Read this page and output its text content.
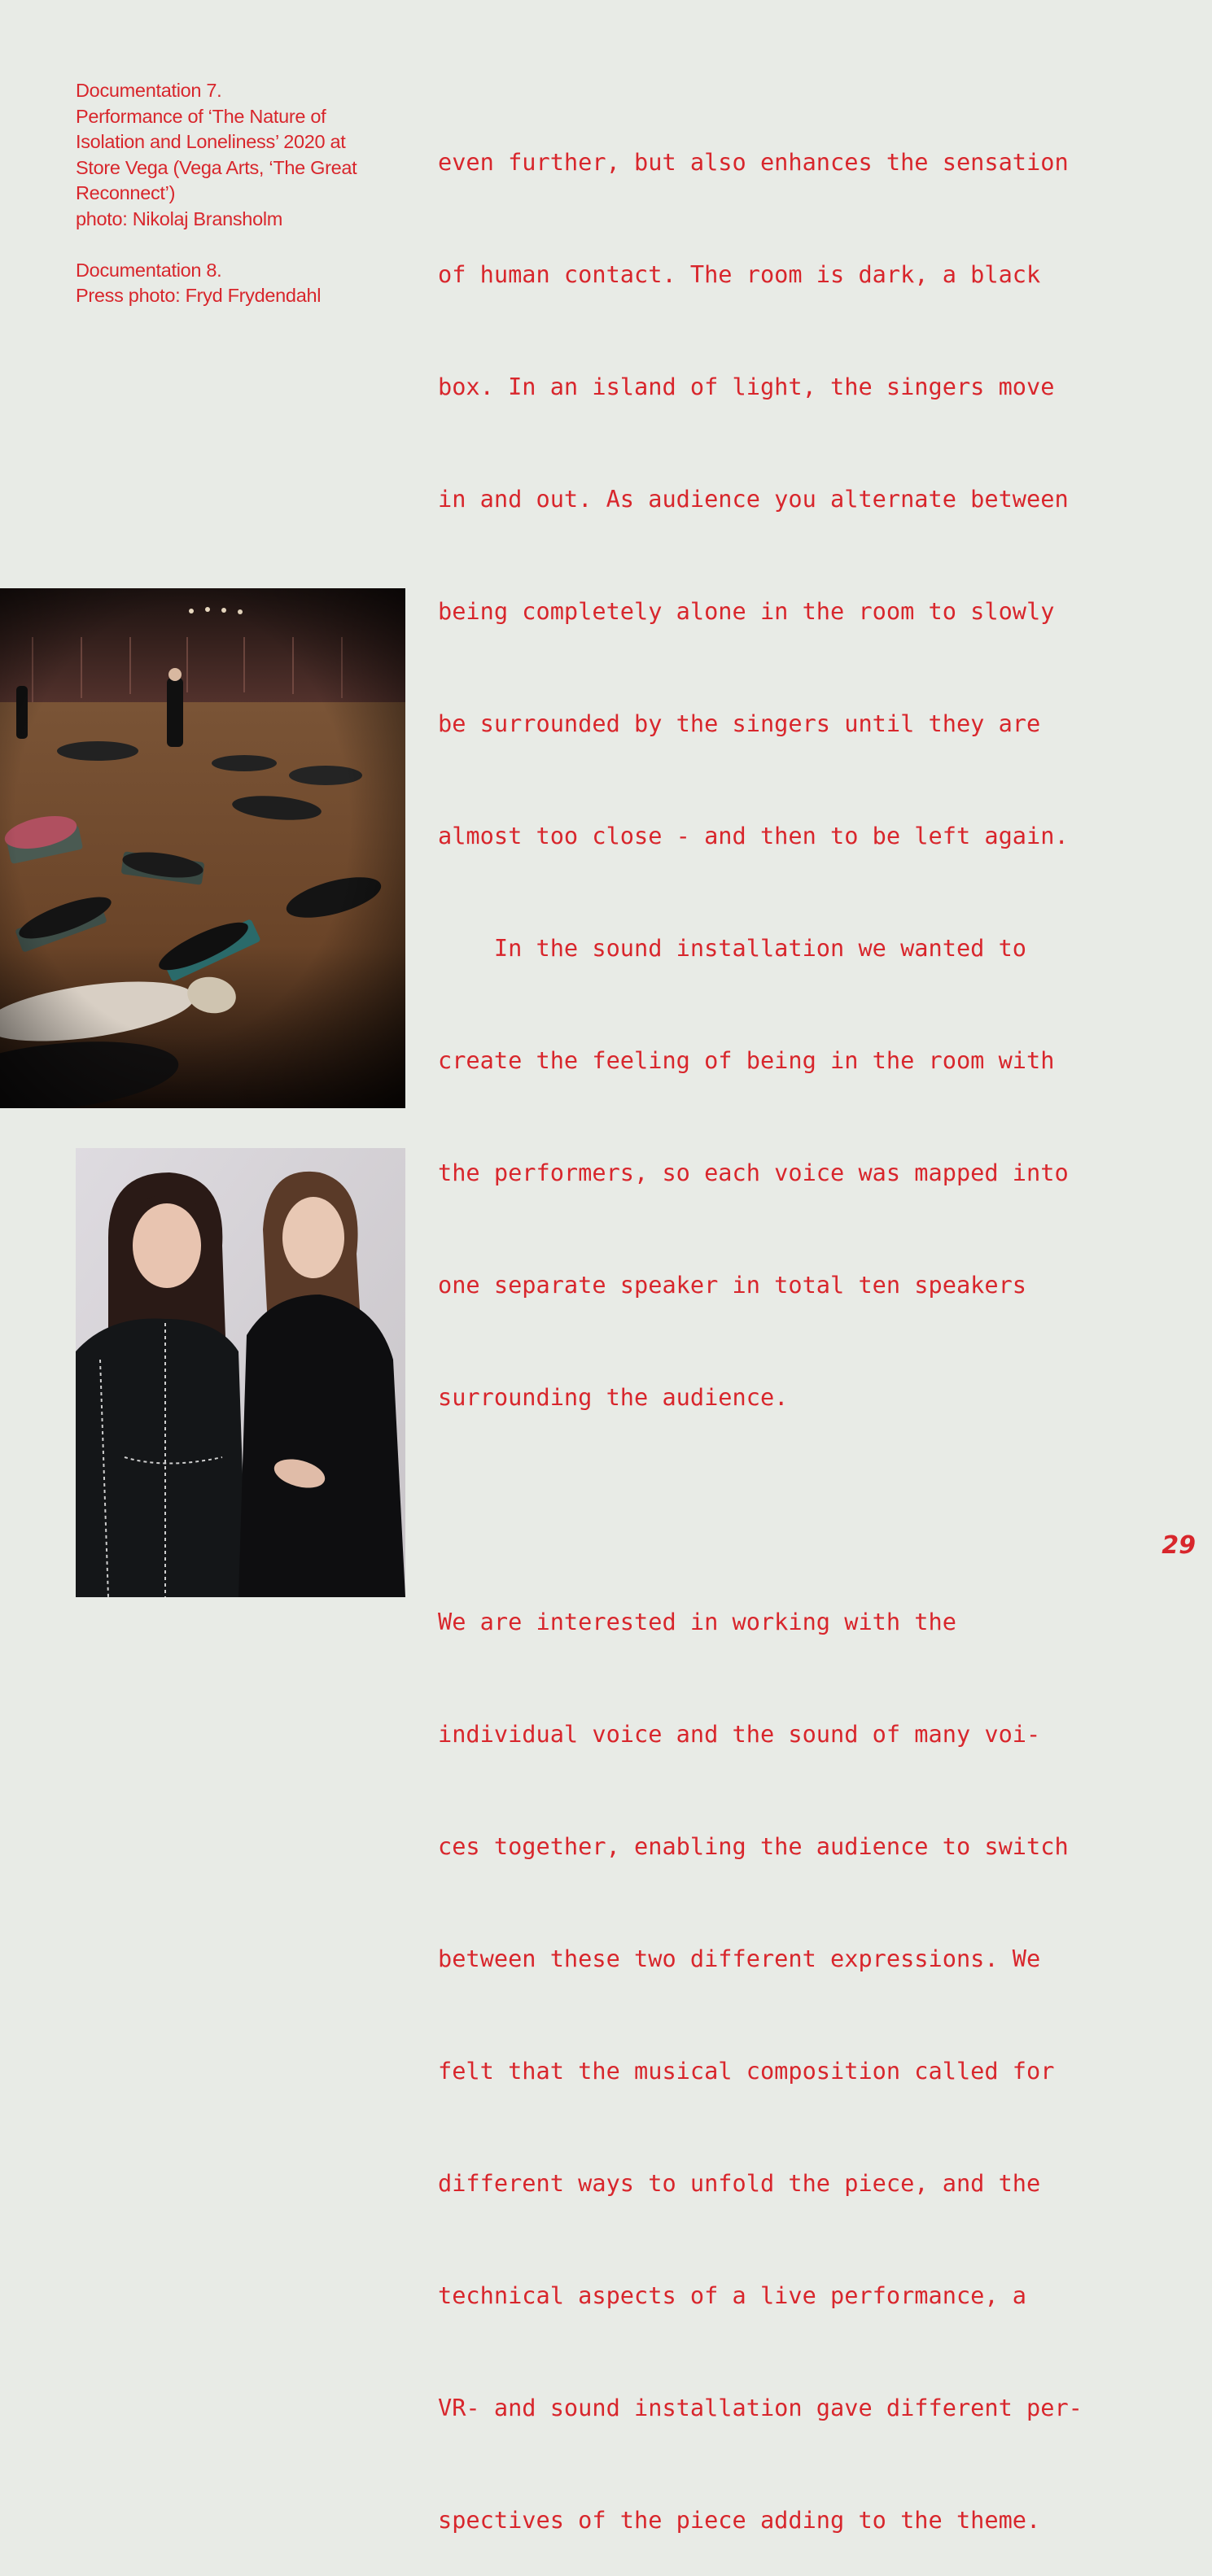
Documentation 7.

Performance of ‘The Nature of

Isolation and Loneliness’ 2020 at

Store Vega (Vega Arts, ‘The Great

Reconnect’)

photo: Nikolaj Bransholm

Documentation 8.

Press photo: Fryd Frydendahl

even further, but also enhances the sensation

of human contact. The room is dark, a black

box. In an island of light, the singers move

in and out. As audience you alternate between

being completely alone in the room to slowly

be surrounded by the singers until they are

almost too close - and then to be left again.

In the sound installation we wanted to

create the feeling of being in the room with

the performers, so each voice was mapped into

one separate speaker in total ten speakers

surrounding the audience.

We are interested in working with the

individual voice and the sound of many voi-

ces together, enabling the audience to switch

between these two different expressions. We

felt that the musical composition called for

different ways to unfold the piece, and the

technical aspects of a live performance, a

VR- and sound installation gave different per-

spectives of the piece adding to the theme.

29
